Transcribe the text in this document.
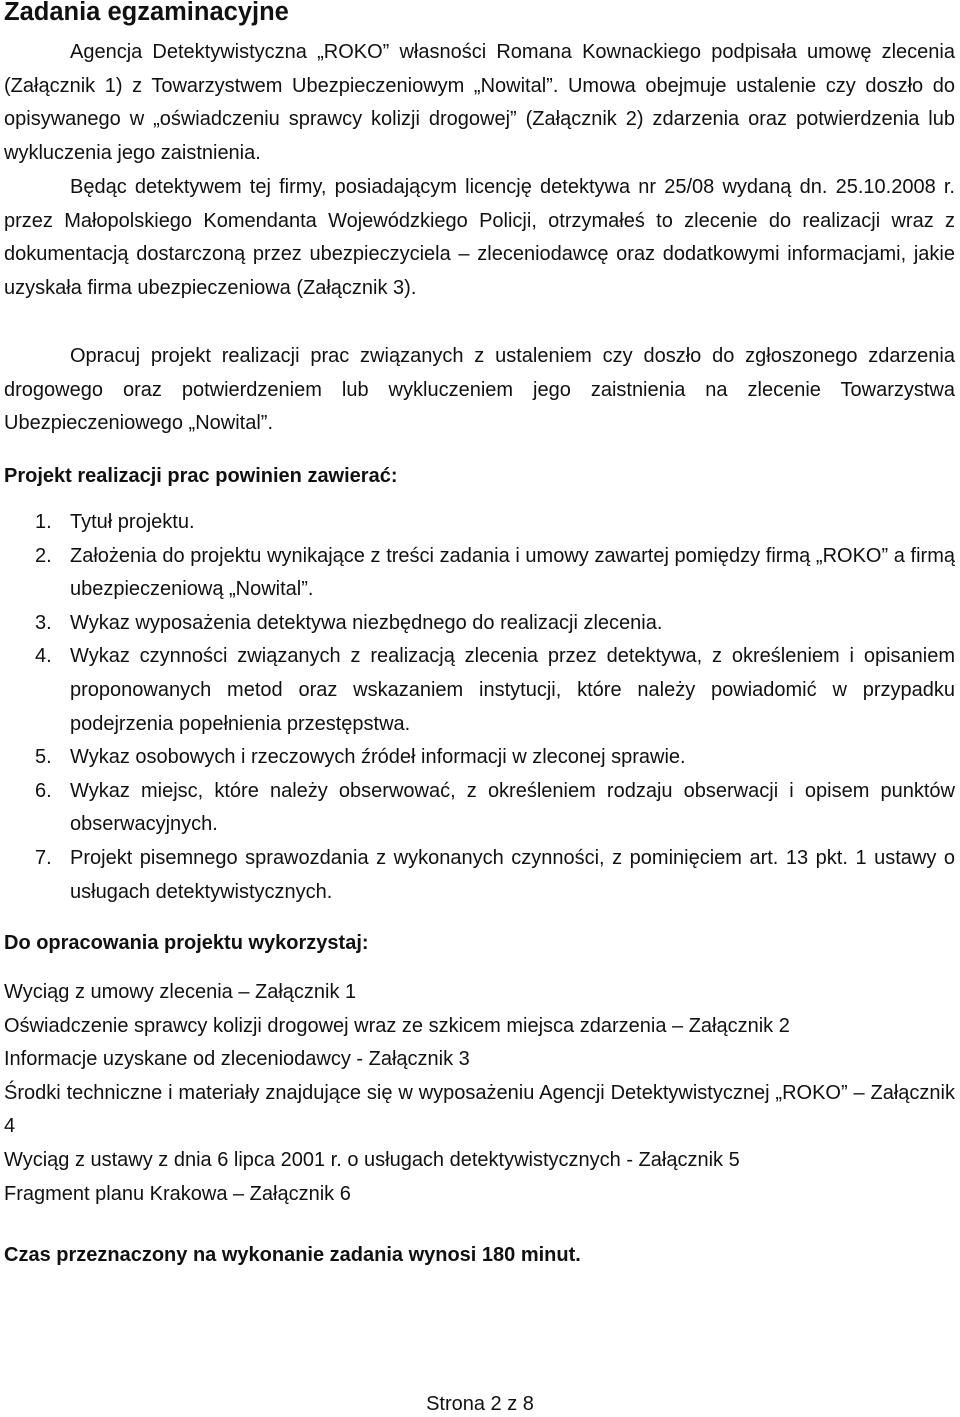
Zadania egzaminacyjne

Agencja Detektywistyczna „ROKO” własności Romana Kownackiego podpisała umowę zlecenia (Załącznik 1) z Towarzystwem Ubezpieczeniowym „Nowital”. Umowa obejmuje ustalenie czy doszło do opisywanego w „oświadczeniu sprawcy kolizji drogowej” (Załącznik 2) zdarzenia oraz potwierdzenia lub wykluczenia jego zaistnienia.

Będąc detektywem tej firmy, posiadającym licencję detektywa nr 25/08 wydaną dn. 25.10.2008 r. przez Małopolskiego Komendanta Wojewódzkiego Policji, otrzymałeś to zlecenie do realizacji wraz z dokumentacją dostarczoną przez ubezpieczyciela – zleceniodawcę oraz dodatkowymi informacjami, jakie uzyskała firma ubezpieczeniowa (Załącznik 3).

Opracuj projekt realizacji prac związanych z ustaleniem czy doszło do zgłoszonego zdarzenia drogowego oraz potwierdzeniem lub wykluczeniem jego zaistnienia na zlecenie Towarzystwa Ubezpieczeniowego „Nowital”.

Projekt realizacji prac powinien zawierać:
1. Tytuł projektu.
2. Założenia do projektu wynikające z treści zadania i umowy zawartej pomiędzy firmą „ROKO” a firmą ubezpieczeniową „Nowital”.
3. Wykaz wyposażenia detektywa niezbędnego do realizacji zlecenia.
4. Wykaz czynności związanych z realizacją zlecenia przez detektywa, z określeniem i opisaniem proponowanych metod oraz wskazaniem instytucji, które należy powiadomić w przypadku podejrzenia popełnienia przestępstwa.
5. Wykaz osobowych i rzeczowych źródeł informacji w zleconej sprawie.
6. Wykaz miejsc, które należy obserwować, z określeniem rodzaju obserwacji i opisem punktów obserwacyjnych.
7. Projekt pisemnego sprawozdania z wykonanych czynności, z pominięciem art. 13 pkt. 1 ustawy o usługach detektywistycznych.
Do opracowania projektu wykorzystaj:
Wyciąg z umowy zlecenia – Załącznik 1
Oświadczenie sprawcy kolizji drogowej wraz ze szkicem miejsca zdarzenia – Załącznik 2
Informacje uzyskane od zleceniodawcy - Załącznik 3
Środki techniczne i materiały znajdujące się w wyposażeniu Agencji Detektywistycznej „ROKO” – Załącznik 4
Wyciąg z ustawy z dnia 6 lipca 2001 r. o usługach detektywistycznych - Załącznik 5
Fragment planu Krakowa – Załącznik 6

Czas przeznaczony na wykonanie zadania wynosi 180 minut.

Strona 2 z 8
